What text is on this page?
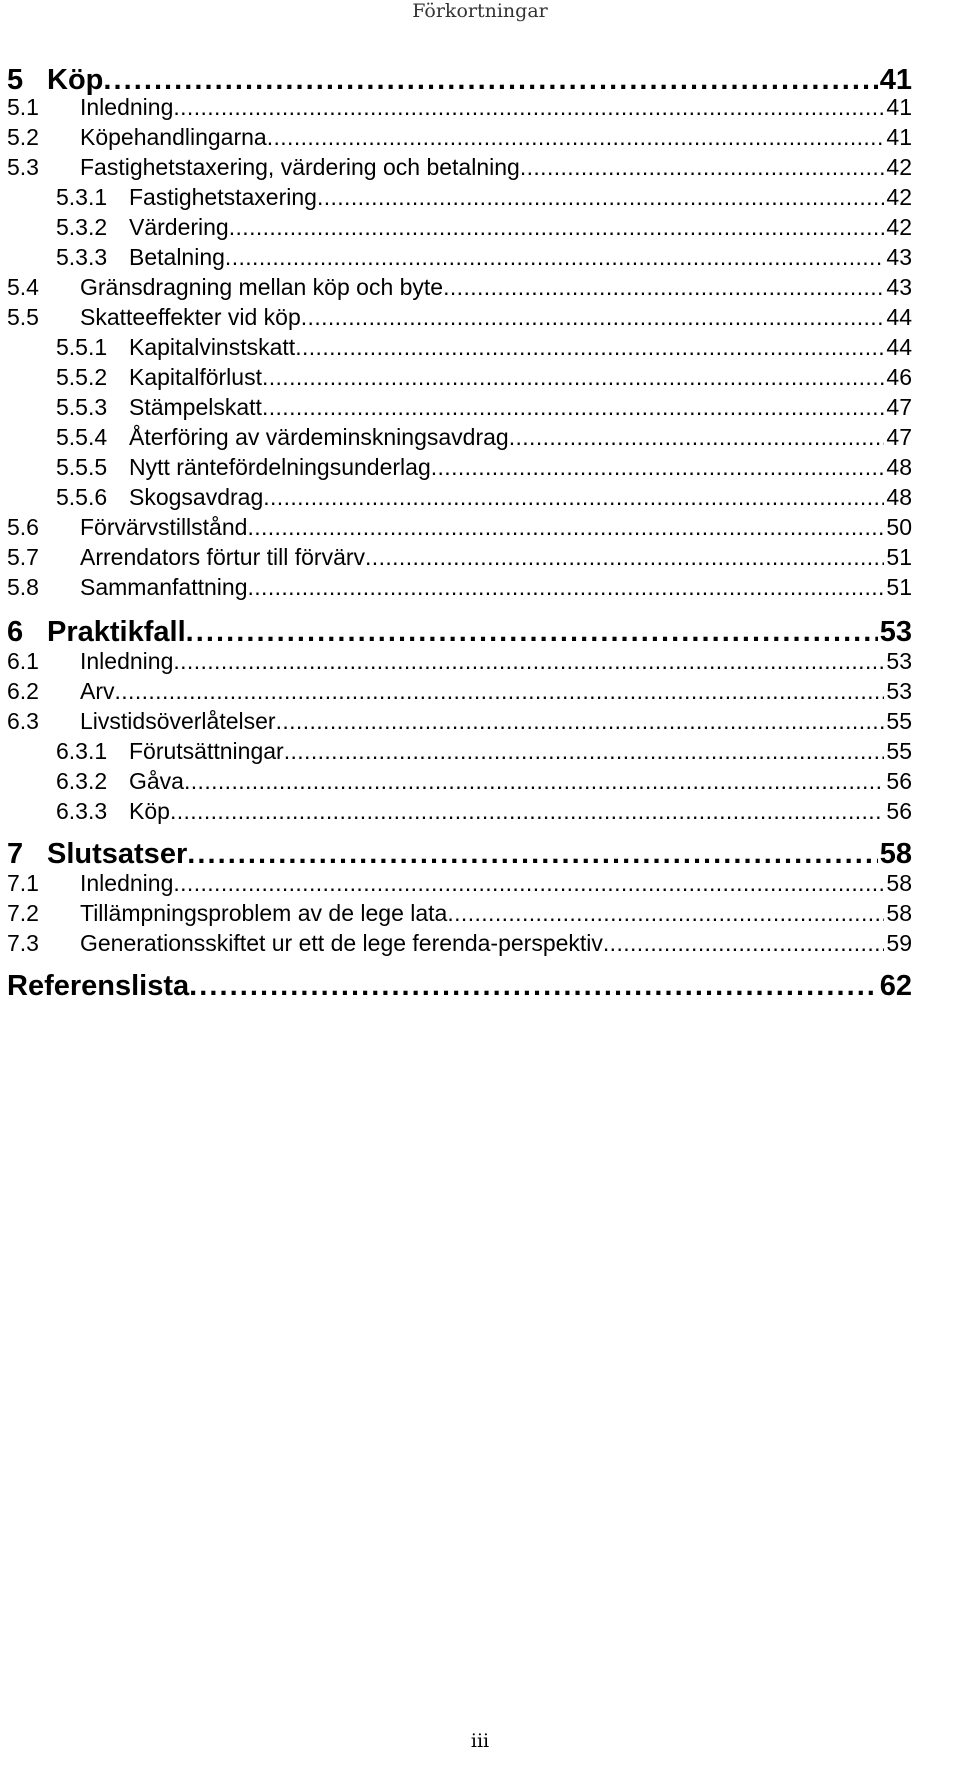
Förkortningar
5 Köp . . .	41
5.1	Inledning . . .	41
5.2	Köpehandlingarna . . .	41
5.3	Fastighetstaxering, värdering och betalning . . .	42
5.3.1 Fastighetstaxering . . .	42
5.3.2 Värdering . . .	42
5.3.3 Betalning . . .	43
5.4	Gränsdragning mellan köp och byte . . .	43
5.5	Skatteeffekter vid köp . . .	44
5.5.1 Kapitalvinstskatt . . .	44
5.5.2 Kapitalförlust . . .	46
5.5.3 Stämpelskatt . . .	47
5.5.4 Återföring av värdeminskningsavdrag . . .	47
5.5.5 Nytt räntefördelningsunderlag . . .	48
5.5.6 Skogsavdrag . . .	48
5.6	Förvärvstillstånd . . .	50
5.7	Arrendators förtur till förvärv . . .	51
5.8	Sammanfattning . . .	51
6 Praktikfall . . .	53
6.1	Inledning . . .	53
6.2	Arv . . .	53
6.3	Livstidsöverlåtelser . . .	55
6.3.1 Förutsättningar . . .	55
6.3.2 Gåva . . .	56
6.3.3 Köp . . .	56
7 Slutsatser . . .	58
7.1	Inledning . . .	58
7.2	Tillämpningsproblem av de lege lata . . .	58
7.3	Generationsskiftet ur ett de lege ferenda-perspektiv . . .	59
Referenslista . . .	62
iii
